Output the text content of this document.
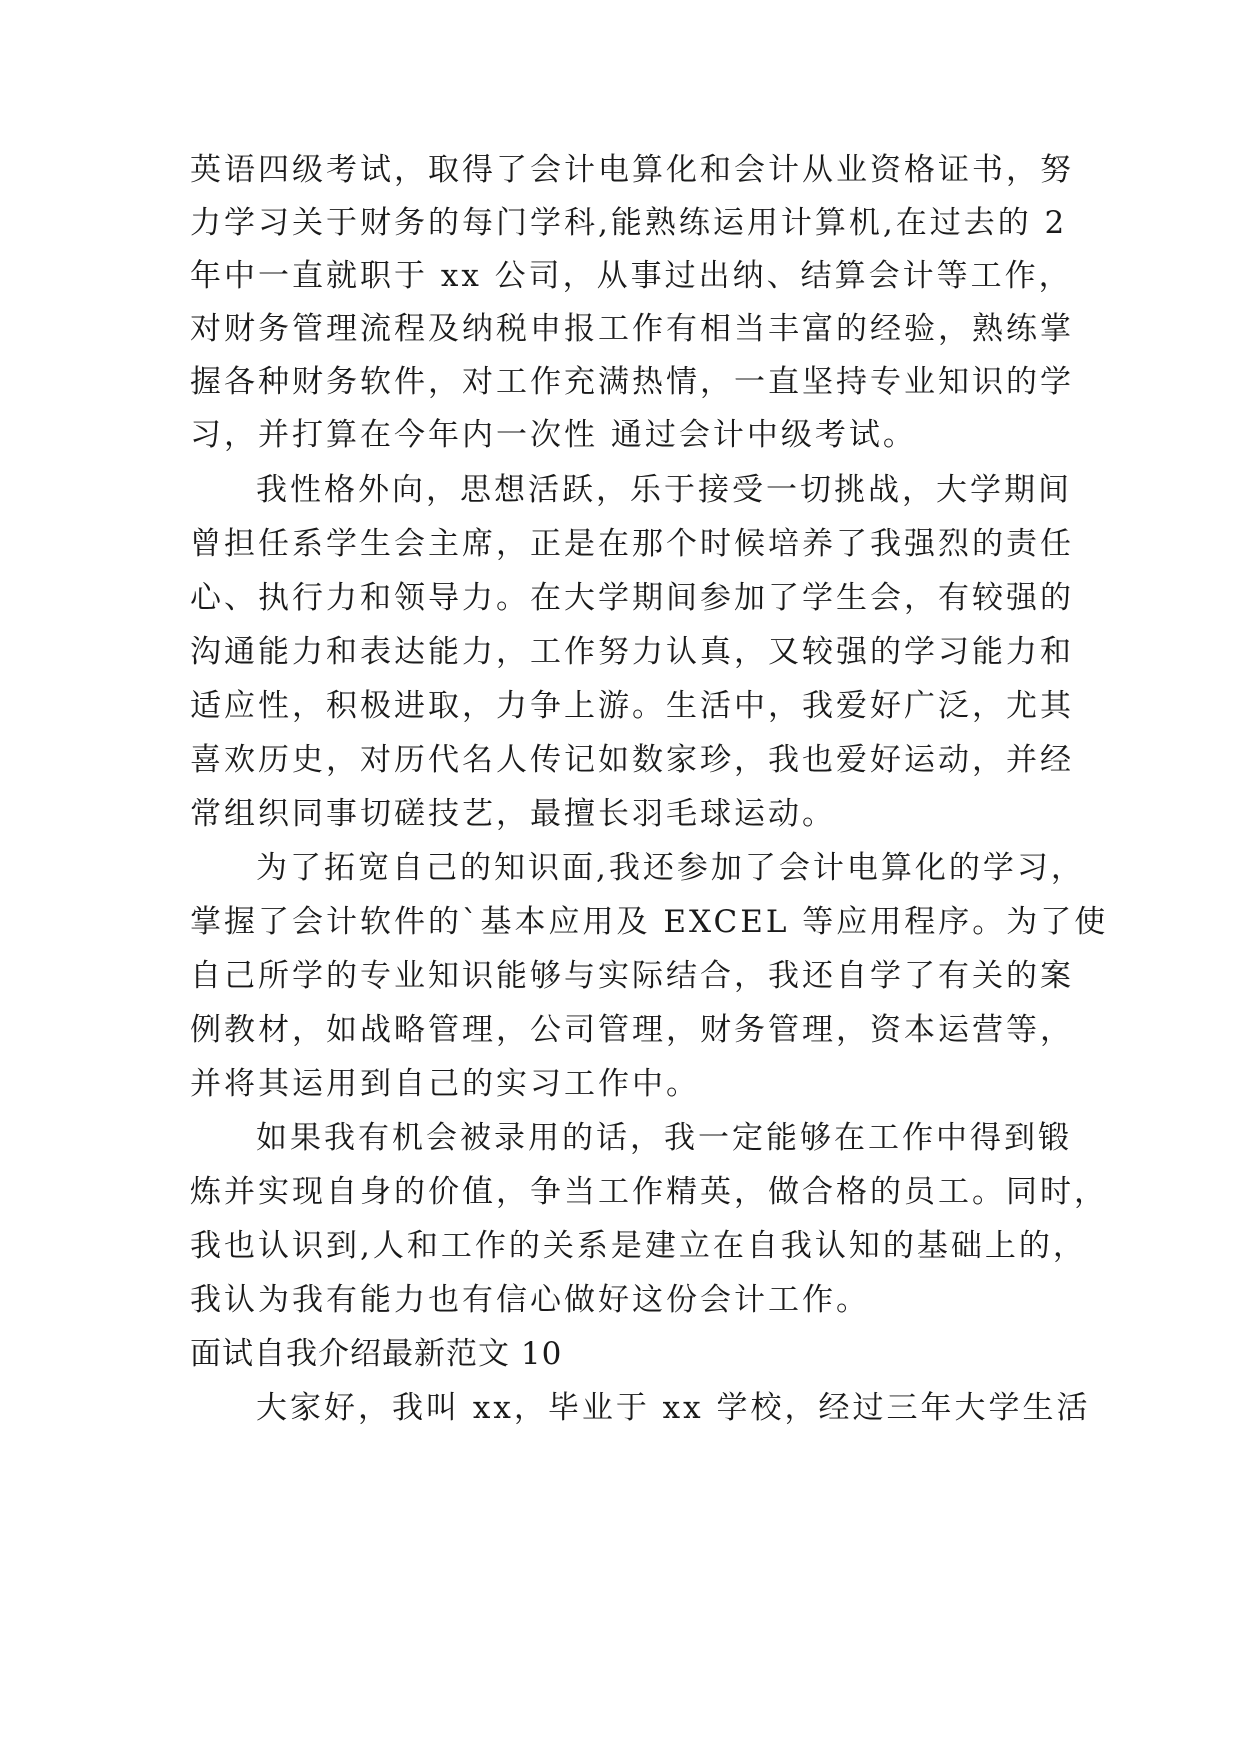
英语四级考试，取得了会计电算化和会计从业资格证书，努
力学习关于财务的每门学科,能熟练运用计算机,在过去的 2
年中一直就职于 xx 公司，从事过出纳、结算会计等工作，
对财务管理流程及纳税申报工作有相当丰富的经验，熟练掌
握各种财务软件，对工作充满热情，一直坚持专业知识的学
习，并打算在今年内一次性 通过会计中级考试。
我性格外向，思想活跃，乐于接受一切挑战，大学期间
曾担任系学生会主席，正是在那个时候培养了我强烈的责任
心、执行力和领导力。在大学期间参加了学生会，有较强的
沟通能力和表达能力，工作努力认真，又较强的学习能力和
适应性，积极进取，力争上游。生活中，我爱好广泛，尤其
喜欢历史，对历代名人传记如数家珍，我也爱好运动，并经
常组织同事切磋技艺，最擅长羽毛球运动。
为了拓宽自己的知识面,我还参加了会计电算化的学习，
掌握了会计软件的`基本应用及 EXCEL 等应用程序。为了使
自己所学的专业知识能够与实际结合，我还自学了有关的案
例教材，如战略管理，公司管理，财务管理，资本运营等，
并将其运用到自己的实习工作中。
如果我有机会被录用的话，我一定能够在工作中得到锻
炼并实现自身的价值，争当工作精英，做合格的员工。同时，
我也认识到,人和工作的关系是建立在自我认知的基础上的，
我认为我有能力也有信心做好这份会计工作。
面试自我介绍最新范文 10
大家好，我叫 xx，毕业于 xx 学校，经过三年大学生活
